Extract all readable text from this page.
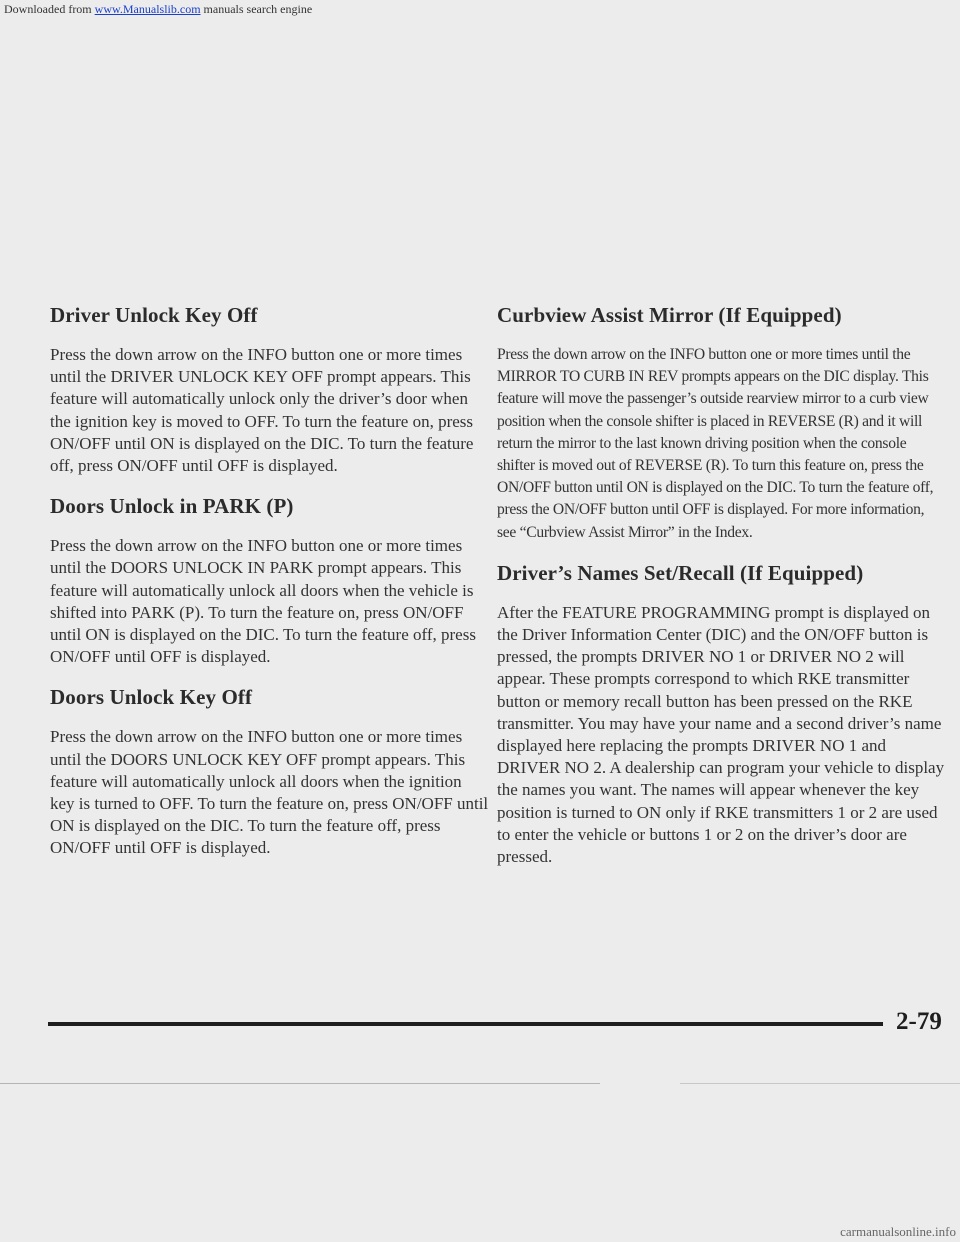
Downloaded from www.Manualslib.com manuals search engine
Driver Unlock Key Off

Press the down arrow on the INFO button one or more times until the DRIVER UNLOCK KEY OFF prompt appears. This feature will automatically unlock only the driver’s door when the ignition key is moved to OFF. To turn the feature on, press ON/OFF until ON is displayed on the DIC. To turn the feature off, press ON/OFF until OFF is displayed.

Doors Unlock in PARK (P)

Press the down arrow on the INFO button one or more times until the DOORS UNLOCK IN PARK prompt appears. This feature will automatically unlock all doors when the vehicle is shifted into PARK (P). To turn the feature on, press ON/OFF until ON is displayed on the DIC. To turn the feature off, press ON/OFF until OFF is displayed.

Doors Unlock Key Off

Press the down arrow on the INFO button one or more times until the DOORS UNLOCK KEY OFF prompt appears. This feature will automatically unlock all doors when the ignition key is turned to OFF. To turn the feature on, press ON/OFF until ON is displayed on the DIC. To turn the feature off, press ON/OFF until OFF is displayed.

Curbview Assist Mirror (If Equipped)

Press the down arrow on the INFO button one or more times until the MIRROR TO CURB IN REV prompts appears on the DIC display. This feature will move the passenger’s outside rearview mirror to a curb view position when the console shifter is placed in REVERSE (R) and it will return the mirror to the last known driving position when the console shifter is moved out of REVERSE (R). To turn this feature on, press the ON/OFF button until ON is displayed on the DIC. To turn the feature off, press the ON/OFF button until OFF is displayed. For more information, see “Curbview Assist Mirror” in the Index.

Driver’s Names Set/Recall (If Equipped)

After the FEATURE PROGRAMMING prompt is displayed on the Driver Information Center (DIC) and the ON/OFF button is pressed, the prompts DRIVER NO 1 or DRIVER NO 2 will appear. These prompts correspond to which RKE transmitter button or memory recall button has been pressed on the RKE transmitter. You may have your name and a second driver’s name displayed here replacing the prompts DRIVER NO 1 and DRIVER NO 2. A dealership can program your vehicle to display the names you want. The names will appear whenever the key position is turned to ON only if RKE transmitters 1 or 2 are used to enter the vehicle or buttons 1 or 2 on the driver’s door are pressed.

2-79
carmanualsonline.info
